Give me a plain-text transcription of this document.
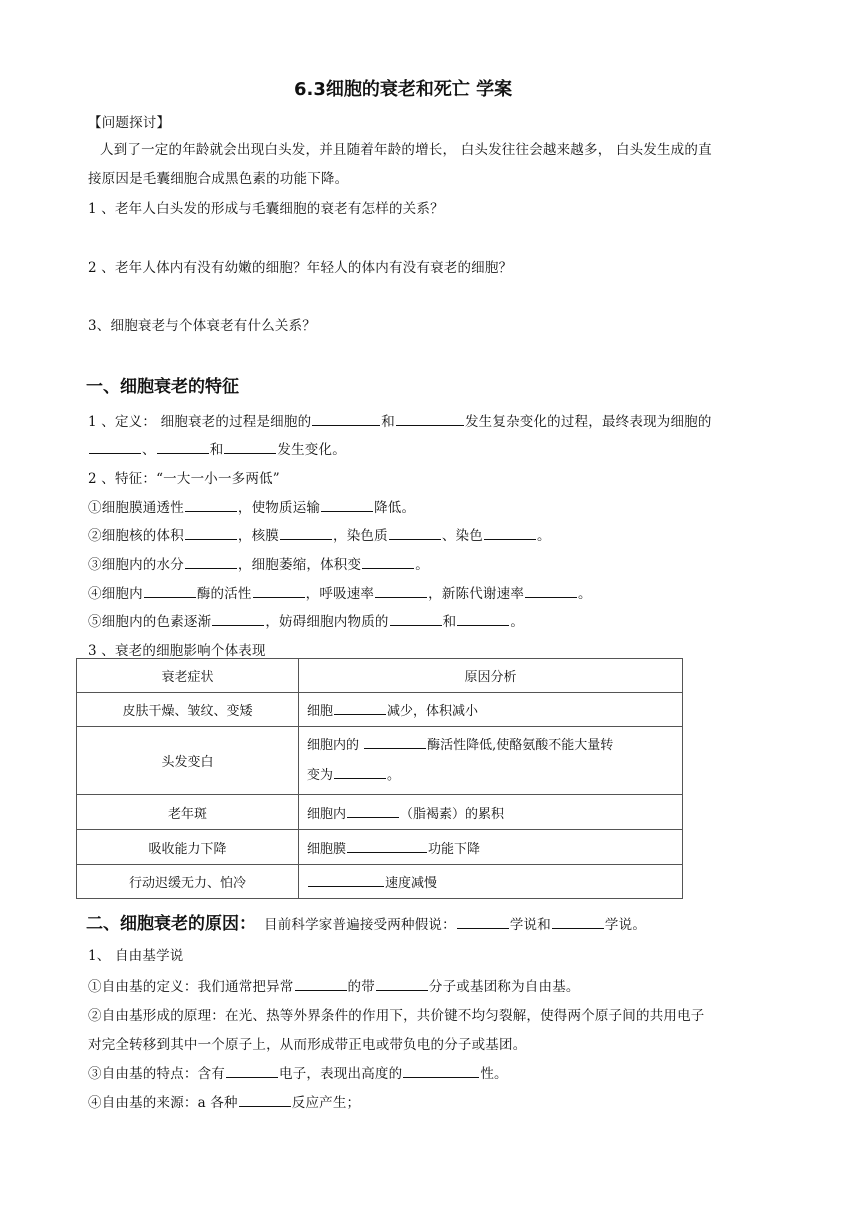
6.3细胞的衰老和死亡 学案
【问题探讨】
人到了一定的年龄就会出现白头发，并且随着年龄的增长， 白头发往往会越来越多， 白头发生成的直
接原因是毛囊细胞合成黑色素的功能下降。
1 、老年人白头发的形成与毛囊细胞的衰老有怎样的关系？
2 、老年人体内有没有幼嫩的细胞？年轻人的体内有没有衰老的细胞？
3、细胞衰老与个体衰老有什么关系？
一、细胞衰老的特征
1 、定义： 细胞衰老的过程是细胞的	和	发生复杂变化的过程，最终表现为细胞的
、	和	发生变化。
2 、特征：“一大一小一多两低”
①细胞膜通透性	，使物质运输	降低。
②细胞核的体积	，核膜	，染色质	、染色	。
③细胞内的水分	，细胞萎缩，体积变	。
④细胞内	酶的活性	，呼吸速率	，新陈代谢速率	。
⑤细胞内的色素逐渐	，妨碍细胞内物质的	和	。
3 、衰老的细胞影响个体表现
衰老症状	原因分析
皮肤干燥、皱纹、变矮	细胞 减少，体积减小
头发变白	细胞内的 酶活性降低,使酪氨酸不能大量转
变为 。
老年斑	细胞内 （脂褐素）的累积
吸收能力下降	细胞膜 功能下降
行动迟缓无力、怕冷	速度减慢
二、细胞衰老的原因： 目前科学家普遍接受两种假说：	学说和	学说。
1、 自由基学说
①自由基的定义：我们通常把异常	的带	分子或基团称为自由基。
②自由基形成的原理：在光、热等外界条件的作用下，共价键不均匀裂解，使得两个原子间的共用电子
对完全转移到其中一个原子上，从而形成带正电或带负电的分子或基团。
③自由基的特点：含有	电子，表现出高度的	性。
④自由基的来源：a 各种	反应产生；
